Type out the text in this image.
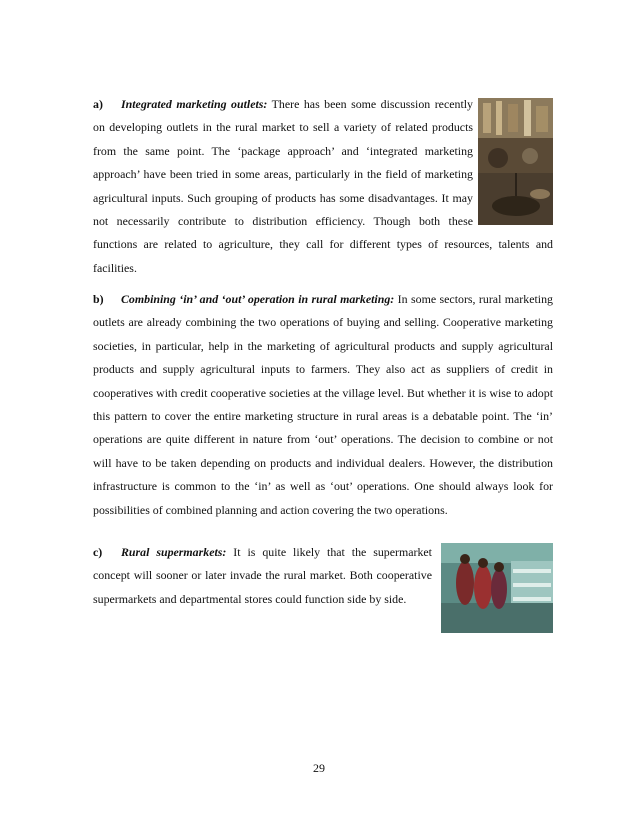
a) Integrated marketing outlets: There has been some discussion recently on developing outlets in the rural market to sell a variety of related products from the same point. The ‘package approach’ and ‘integrated marketing approach’ have been tried in some areas, particularly in the field of marketing agricultural inputs. Such grouping of products has some disadvantages. It may not necessarily contribute to distribution efficiency. Though both these functions are related to agriculture, they call for different types of resources, talents and facilities.

b) Combining ‘in’ and ‘out’ operation in rural marketing: In some sectors, rural marketing outlets are already combining the two operations of buying and selling. Cooperative marketing societies, in particular, help in the marketing of agricultural products and supply agricultural products and supply agricultural inputs to farmers. They also act as suppliers of credit in cooperatives with credit cooperative societies at the village level. But whether it is wise to adopt this pattern to cover the entire marketing structure in rural areas is a debatable point. The ‘in’ operations are quite different in nature from ‘out’ operations. The decision to combine or not will have to be taken depending on products and individual dealers. However, the distribution infrastructure is common to the ‘in’ as well as ‘out’ operations. One should always look for possibilities of combined planning and action covering the two operations.

c) Rural supermarkets: It is quite likely that the supermarket concept will sooner or later invade the rural market. Both cooperative supermarkets and departmental stores could function side by side.

29
